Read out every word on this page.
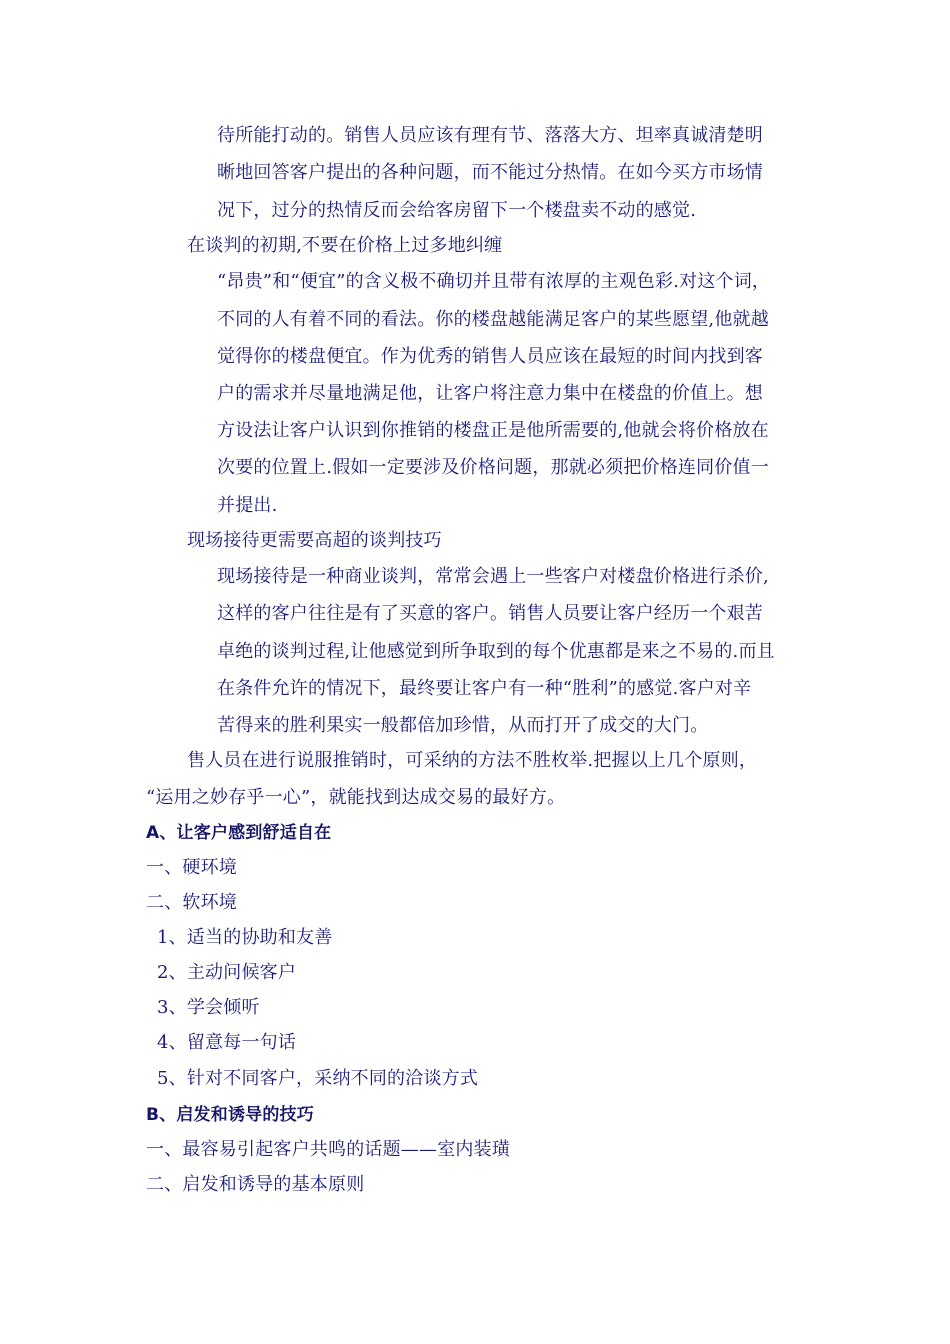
待所能打动的。销售人员应该有理有节、落落大方、坦率真诚清楚明
晰地回答客户提出的各种问题，而不能过分热情。在如今买方市场情
况下，过分的热情反而会给客房留下一个楼盘卖不动的感觉.
在谈判的初期,不要在价格上过多地纠缠
“昂贵”和“便宜”的含义极不确切并且带有浓厚的主观色彩.对这个词，
不同的人有着不同的看法。你的楼盘越能满足客户的某些愿望,他就越
觉得你的楼盘便宜。作为优秀的销售人员应该在最短的时间内找到客
户的需求并尽量地满足他，让客户将注意力集中在楼盘的价值上。想
方设法让客户认识到你推销的楼盘正是他所需要的,他就会将价格放在
次要的位置上.假如一定要涉及价格问题，那就必须把价格连同价值一
并提出.
现场接待更需要高超的谈判技巧
现场接待是一种商业谈判，常常会遇上一些客户对楼盘价格进行杀价,
这样的客户往往是有了买意的客户。销售人员要让客户经历一个艰苦
卓绝的谈判过程,让他感觉到所争取到的每个优惠都是来之不易的.而且
在条件允许的情况下，最终要让客户有一种“胜利”的感觉.客户对辛
苦得来的胜利果实一般都倍加珍惜，从而打开了成交的大门。
售人员在进行说服推销时，可采纳的方法不胜枚举.把握以上几个原则，
“运用之妙存乎一心”，就能找到达成交易的最好方。
A、让客户感到舒适自在
一、硬环境
二、软环境
1、适当的协助和友善
2、主动问候客户
3、学会倾听
4、留意每一句话
5、针对不同客户，采纳不同的洽谈方式
B、启发和诱导的技巧
一、最容易引起客户共鸣的话题——室内装璜
二、启发和诱导的基本原则
